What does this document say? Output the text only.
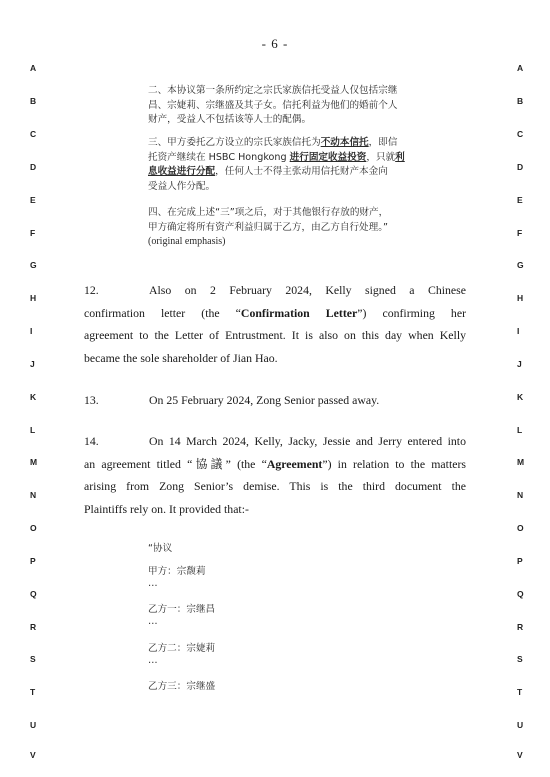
- 6 -
A
B
C
D
E
F
G
H
I
J
K
L
M
N
O
P
Q
R
S
T
U
V
A
B
C
D
E
F
G
H
I
J
K
L
M
N
O
P
Q
R
S
T
U
V
二、本协议第一条所约定之宗氏家族信托受益人仅包括宗继
昌、宗婕莉、宗继盛及其子女。信托利益为他们的婚前个人
财产，受益人不包括该等人士的配偶。
三、甲方委托乙方设立的宗氏家族信托为不动本信托，即信
托资产继续在 HSBC Hongkong 进行固定收益投资，只就利
息收益进行分配，任何人士不得主张动用信托财产本金向
受益人作分配。
四、在完成上述“三”项之后，对于其他银行存放的财产，
甲方确定将所有资产利益归属于乙方，由乙方自行处理。”
(original emphasis)
12.	Also on 2 February 2024, Kelly signed a Chinese
confirmation letter (the “Confirmation Letter”) confirming her
agreement to the Letter of Entrustment. It is also on this day when Kelly
became the sole shareholder of Jian Hao.
13.	On 25 February 2024, Zong Senior passed away.
14.	On 14 March 2024, Kelly, Jacky, Jessie and Jerry entered into
an agreement titled “協議” (the “Agreement”) in relation to the matters
arising from Zong Senior’s demise. This is the third document the
Plaintiffs rely on. It provided that:-
“协议
甲方：宗馥莉
…
乙方一：宗继昌
…
乙方二：宗婕莉
…
乙方三：宗继盛
